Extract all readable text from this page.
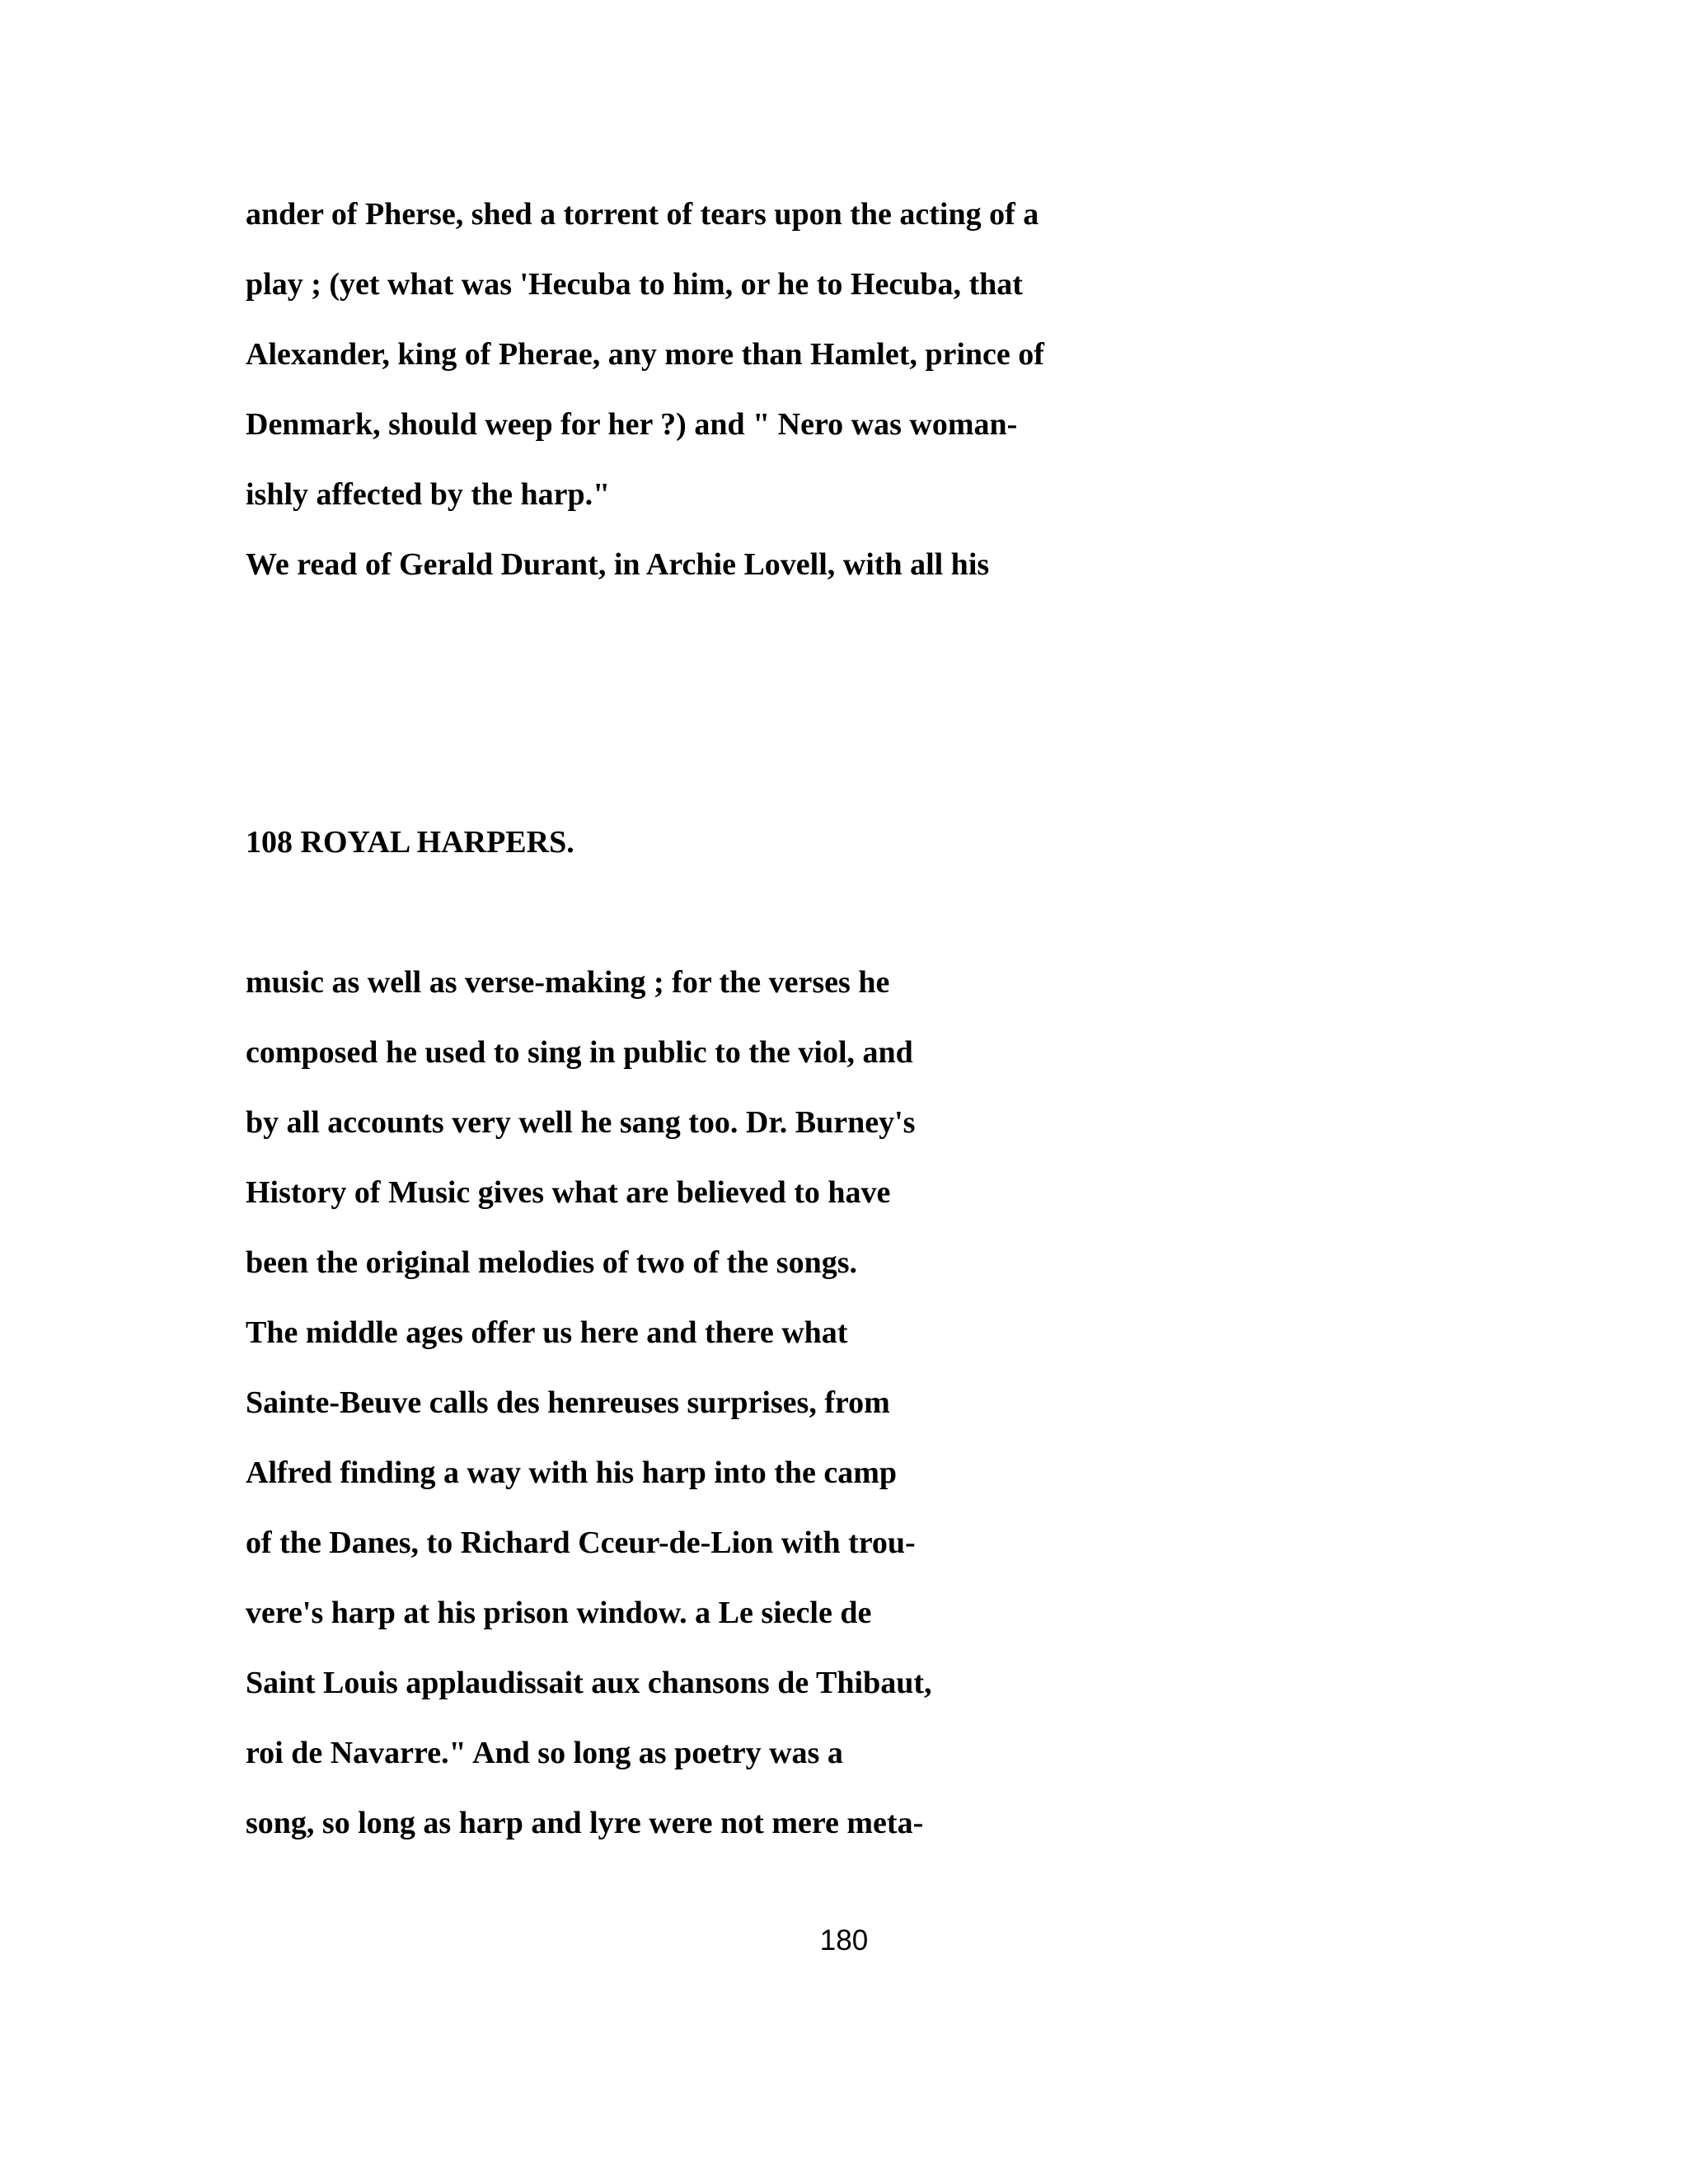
ander of Pherse, shed a torrent of tears upon the acting of a
play ; (yet what was 'Hecuba to him, or he to Hecuba, that
Alexander, king of Pherae, any more than Hamlet, prince of
Denmark, should weep for her ?) and " Nero was woman-
ishly affected by the harp."
We read of Gerald Durant, in Archie Lovell, with all his
108 ROYAL HARPERS.
music as well as verse-making ; for the verses he
composed he used to sing in public to the viol, and
by all accounts very well he sang too. Dr. Burney's
History of Music gives what are believed to have
been the original melodies of two of the songs.
The middle ages offer us here and there what
Sainte-Beuve calls des henreuses surprises, from
Alfred finding a way with his harp into the camp
of the Danes, to Richard Cceur-de-Lion with trou-
vere's harp at his prison window. a Le siecle de
Saint Louis applaudissait aux chansons de Thibaut,
roi de Navarre." And so long as poetry was a
song, so long as harp and lyre were not mere meta-
180
